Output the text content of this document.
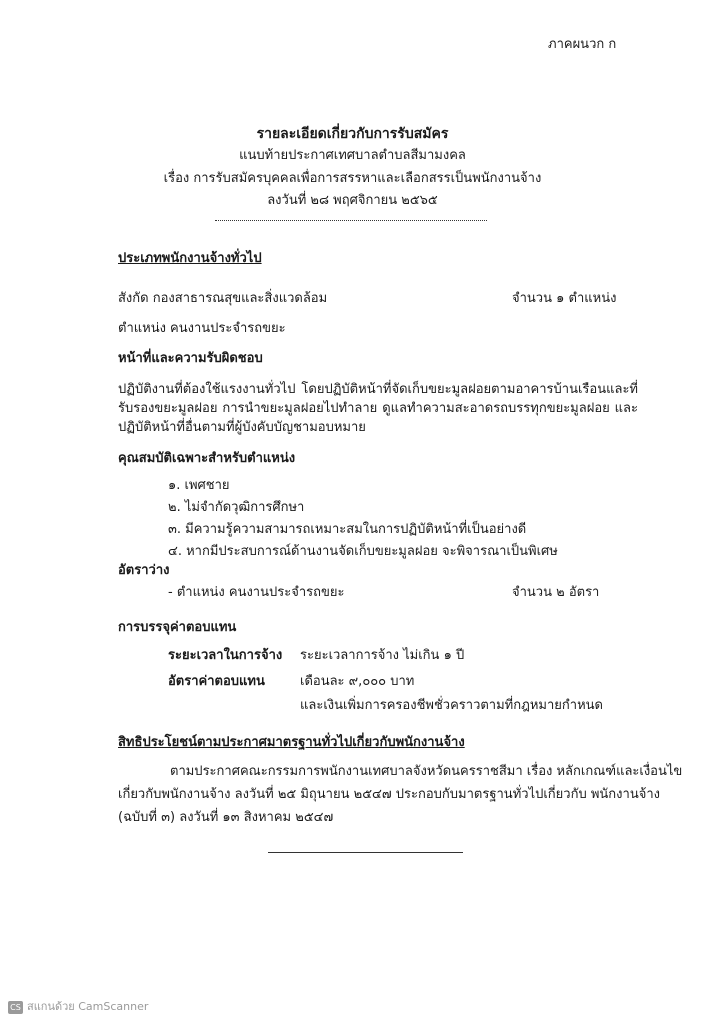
ภาคผนวก ก
รายละเอียดเกี่ยวกับการรับสมัคร
แนบท้ายประกาศเทศบาลตำบลสีมามงคล
เรื่อง การรับสมัครบุคคลเพื่อการสรรหาและเลือกสรรเป็นพนักงานจ้าง
ลงวันที่ ๒๘ พฤศจิกายน ๒๕๖๕
ประเภทพนักงานจ้างทั่วไป
สังกัด กองสาธารณสุขและสิ่งแวดล้อม	จำนวน ๑ ตำแหน่ง
ตำแหน่ง คนงานประจำรถขยะ
หน้าที่และความรับผิดชอบ
ปฏิบัติงานที่ต้องใช้แรงงานทั่วไป โดยปฏิบัติหน้าที่จัดเก็บขยะมูลฝอยตามอาคารบ้านเรือนและที่รับรองขยะมูลฝอย การนำขยะมูลฝอยไปทำลาย ดูแลทำความสะอาดรถบรรทุกขยะมูลฝอย และปฏิบัติหน้าที่อื่นตามที่ผู้บังคับบัญชามอบหมาย
คุณสมบัติเฉพาะสำหรับตำแหน่ง
๑. เพศชาย
๒. ไม่จำกัดวุฒิการศึกษา
๓. มีความรู้ความสามารถเหมาะสมในการปฏิบัติหน้าที่เป็นอย่างดี
๔. หากมีประสบการณ์ด้านงานจัดเก็บขยะมูลฝอย จะพิจารณาเป็นพิเศษ
อัตราว่าง
- ตำแหน่ง คนงานประจำรถขยะ	จำนวน ๒ อัตรา
การบรรจุค่าตอบแทน
ระยะเวลาในการจ้าง ระยะเวลาการจ้าง ไม่เกิน ๑ ปี
อัตราค่าตอบแทน	เดือนละ ๙,๐๐๐ บาท
และเงินเพิ่มการครองชีพชั่วคราวตามที่กฎหมายกำหนด
สิทธิประโยชน์ตามประกาศมาตรฐานทั่วไปเกี่ยวกับพนักงานจ้าง
ตามประกาศคณะกรรมการพนักงานเทศบาลจังหวัดนครราชสีมา เรื่อง หลักเกณฑ์และเงื่อนไข
เกี่ยวกับพนักงานจ้าง ลงวันที่ ๒๕ มิถุนายน ๒๕๔๗ ประกอบกับมาตรฐานทั่วไปเกี่ยวกับ พนักงานจ้าง
(ฉบับที่ ๓) ลงวันที่ ๑๓ สิงหาคม ๒๕๔๗
CS สแกนด้วย CamScanner
